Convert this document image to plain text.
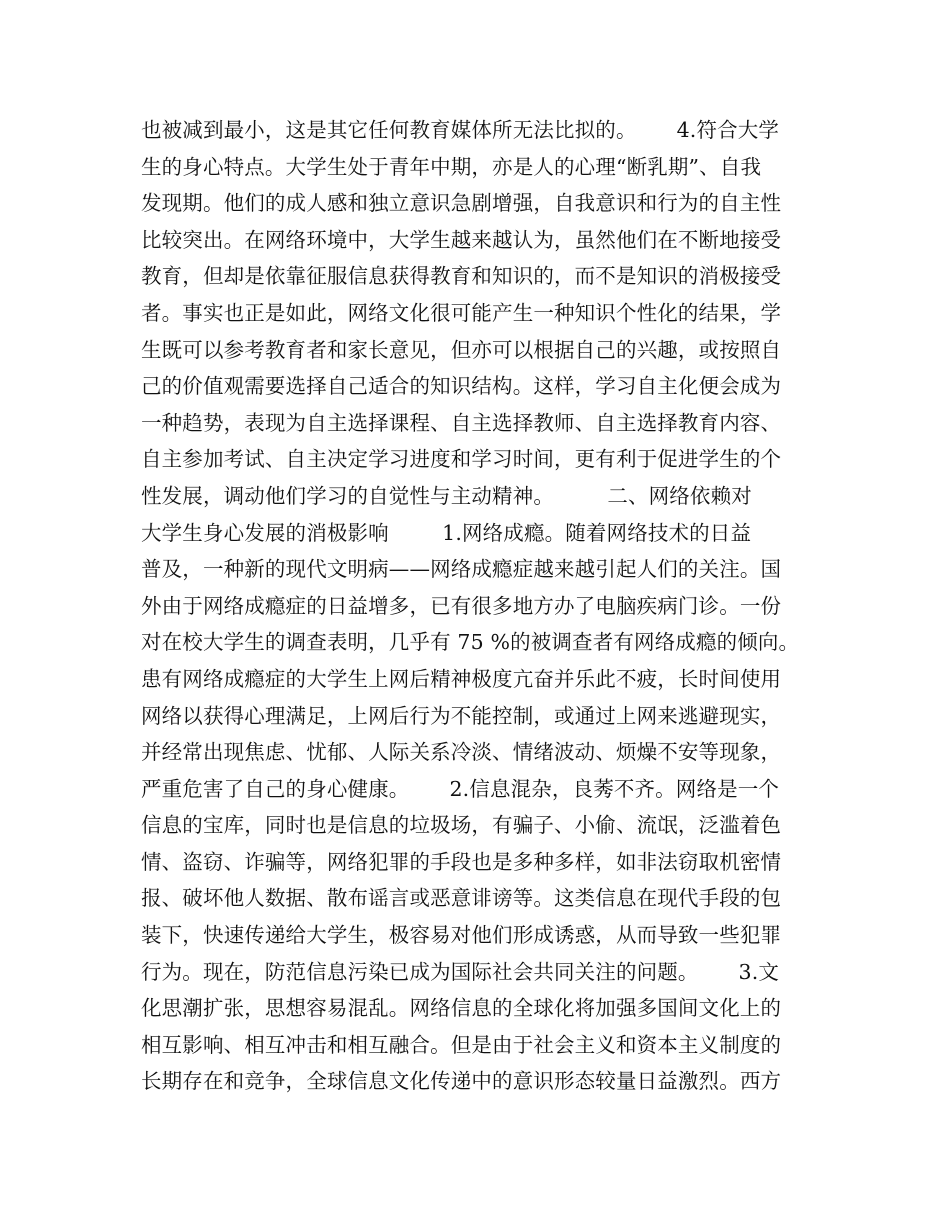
也被减到最小，这是其它任何教育媒体所无法比拟的。      4.符合大学
生的身心特点。大学生处于青年中期，亦是人的心理“断乳期”、自我
发现期。他们的成人感和独立意识急剧增强，自我意识和行为的自主性
比较突出。在网络环境中，大学生越来越认为，虽然他们在不断地接受
教育，但却是依靠征服信息获得教育和知识的，而不是知识的消极接受
者。事实也正是如此，网络文化很可能产生一种知识个性化的结果，学
生既可以参考教育者和家长意见，但亦可以根据自己的兴趣，或按照自
己的价值观需要选择自己适合的知识结构。这样，学习自主化便会成为
一种趋势，表现为自主选择课程、自主选择教师、自主选择教育内容、
自主参加考试、自主决定学习进度和学习时间，更有利于促进学生的个
性发展，调动他们学习的自觉性与主动精神。        二、网络依赖对
大学生身心发展的消极影响        1.网络成瘾。随着网络技术的日益
普及，一种新的现代文明病——网络成瘾症越来越引起人们的关注。国
外由于网络成瘾症的日益增多，已有很多地方办了电脑疾病门诊。一份
对在校大学生的调查表明，几乎有 75 %的被调查者有网络成瘾的倾向。
患有网络成瘾症的大学生上网后精神极度亢奋并乐此不疲，长时间使用
网络以获得心理满足，上网后行为不能控制，或通过上网来逃避现实，
并经常出现焦虑、忧郁、人际关系冷淡、情绪波动、烦燥不安等现象，
严重危害了自己的身心健康。      2.信息混杂，良莠不齐。网络是一个
信息的宝库，同时也是信息的垃圾场，有骗子、小偷、流氓，泛滥着色
情、盗窃、诈骗等，网络犯罪的手段也是多种多样，如非法窃取机密情
报、破坏他人数据、散布谣言或恶意诽谤等。这类信息在现代手段的包
装下，快速传递给大学生，极容易对他们形成诱惑，从而导致一些犯罪
行为。现在，防范信息污染已成为国际社会共同关注的问题。      3.文
化思潮扩张，思想容易混乱。网络信息的全球化将加强多国间文化上的
相互影响、相互冲击和相互融合。但是由于社会主义和资本主义制度的
长期存在和竞争，全球信息文化传递中的意识形态较量日益激烈。西方
